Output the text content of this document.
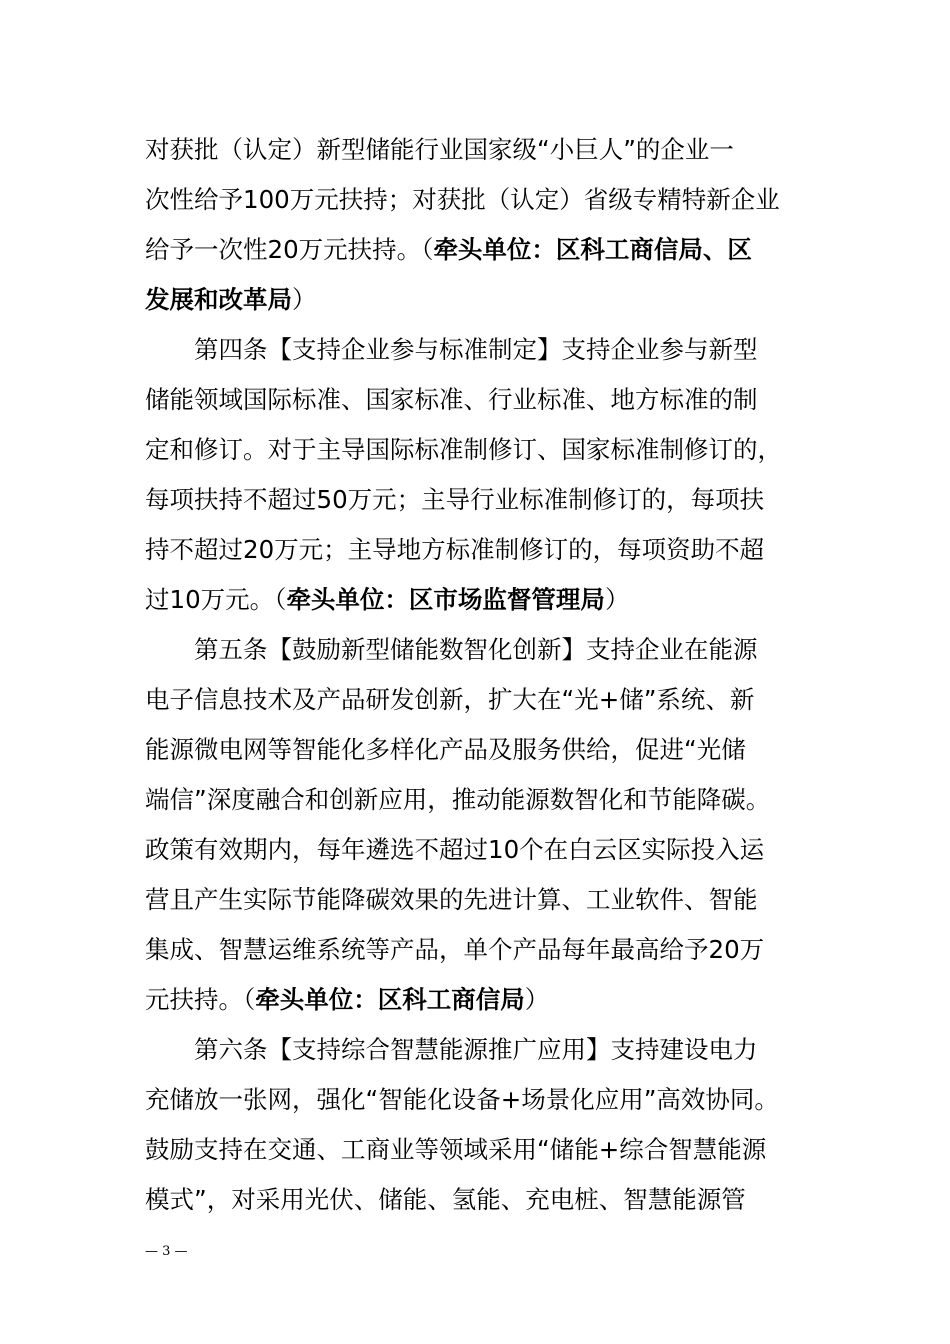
对获批（认定）新型储能行业国家级“小巨人”的企业一
次性给予100万元扶持；对获批（认定）省级专精特新企业
给予一次性20万元扶持。（牵头单位：区科工商信局、区
发展和改革局）
第四条【支持企业参与标准制定】支持企业参与新型
储能领域国际标准、国家标准、行业标准、地方标准的制
定和修订。对于主导国际标准制修订、国家标准制修订的，
每项扶持不超过50万元；主导行业标准制修订的，每项扶
持不超过20万元；主导地方标准制修订的，每项资助不超
过10万元。（牵头单位：区市场监督管理局）
第五条【鼓励新型储能数智化创新】支持企业在能源
电子信息技术及产品研发创新，扩大在“光+储”系统、新
能源微电网等智能化多样化产品及服务供给，促进“光储
端信”深度融合和创新应用，推动能源数智化和节能降碳。
政策有效期内，每年遴选不超过10个在白云区实际投入运
营且产生实际节能降碳效果的先进计算、工业软件、智能
集成、智慧运维系统等产品，单个产品每年最高给予20万
元扶持。（牵头单位：区科工商信局）
第六条【支持综合智慧能源推广应用】支持建设电力
充储放一张网，强化“智能化设备+场景化应用”高效协同。
鼓励支持在交通、工商业等领域采用“储能+综合智慧能源
模式”，对采用光伏、储能、氢能、充电桩、智慧能源管
— 3 —
